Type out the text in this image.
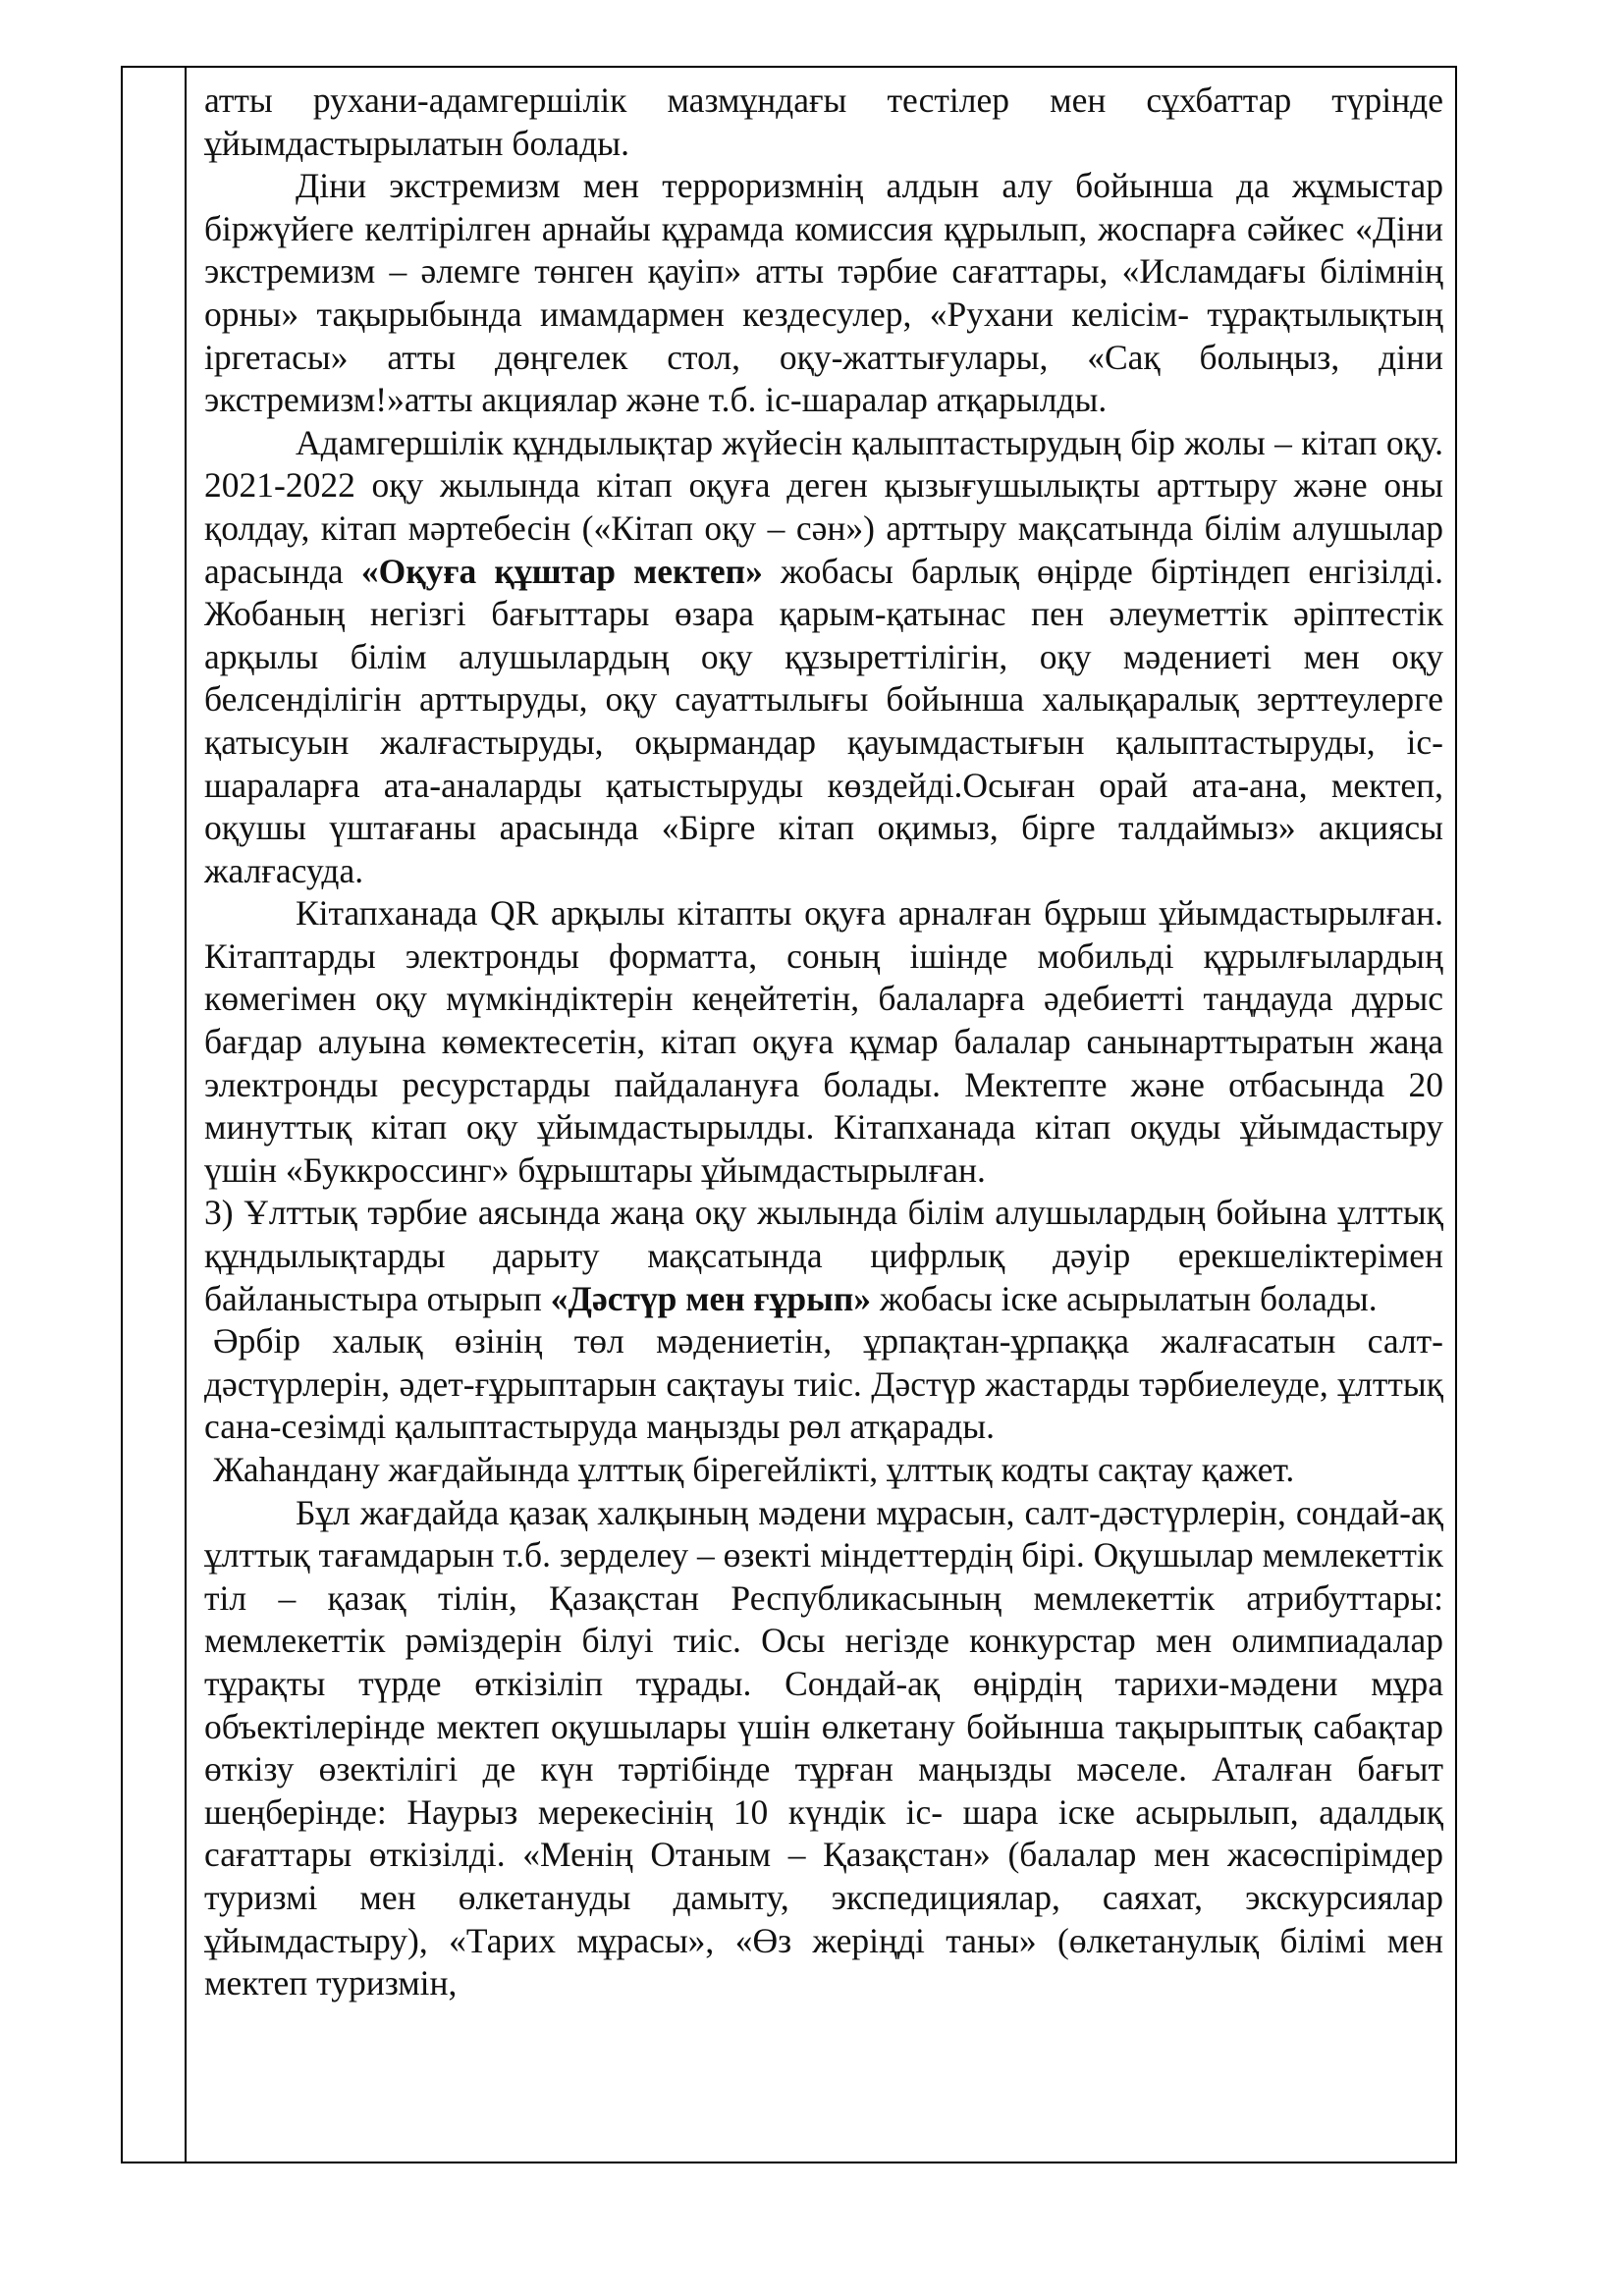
атты рухани-адамгершілік мазмұндағы тестілер мен сұхбаттар түрінде ұйымдастырылатын болады.

Діни экстремизм мен терроризмнің алдын алу бойынша да жұмыстар біржүйеге келтірілген арнайы құрамда комиссия құрылып, жоспарға сәйкес «Діни экстремизм – әлемге төнген қауіп» атты тәрбие сағаттары, «Исламдағы білімнің орны» тақырыбында имамдармен кездесулер, «Рухани келісім- тұрақтылықтың іргетасы» атты дөңгелек стол, оқу-жаттығулары, «Сақ болыңыз, діни экстремизм!»атты акциялар және т.б. іс-шаралар атқарылды.

Адамгершілік құндылықтар жүйесін қалыптастырудың бір жолы – кітап оқу. 2021-2022 оқу жылында кітап оқуға деген қызығушылықты арттыру және оны қолдау, кітап мәртебесін («Кітап оқу – сән») арттыру мақсатында білім алушылар арасында «Оқуға құштар мектеп» жобасы барлық өңірде біртіндеп енгізілді. Жобаның негізгі бағыттары өзара қарым-қатынас пен әлеуметтік әріптестік арқылы білім алушылардың оқу құзыреттілігін, оқу мәдениеті мен оқу белсенділігін арттыруды, оқу сауаттылығы бойынша халықаралық зерттеулерге қатысуын жалғастыруды, оқырмандар қауымдастығын қалыптастыруды, іс-шараларға ата-аналарды қатыстыруды көздейді.Осыған орай ата-ана, мектеп, оқушы үштағаны арасында «Бірге кітап оқимыз, бірге талдаймыз» акциясы жалғасуда.

Кітапханада QR арқылы кітапты оқуға арналған бұрыш ұйымдастырылған. Кітаптарды электронды форматта, соның ішінде мобильді құрылғылардың көмегімен оқу мүмкіндіктерін кеңейтетін, балаларға әдебиетті таңдауда дұрыс бағдар алуына көмектесетін, кітап оқуға құмар балалар санынарттыратын жаңа электронды ресурстарды пайдалануға болады. Мектепте және отбасында 20 минуттық кітап оқу ұйымдастырылды. Кітапханада кітап оқуды ұйымдастыру үшін «Буккроссинг» бұрыштары ұйымдастырылған.

3) Ұлттық тәрбие аясында жаңа оқу жылында білім алушылардың бойына ұлттық құндылықтарды дарыту мақсатында цифрлық дәуір ерекшеліктерімен байланыстыра отырып «Дәстүр мен ғұрып» жобасы іске асырылатын болады.

Әрбір халық өзінің төл мәдениетін, ұрпақтан-ұрпаққа жалғасатын салт-дәстүрлерін, әдет-ғұрыптарын сақтауы тиіс. Дәстүр жастарды тәрбиелеуде, ұлттық сана-сезімді қалыптастыруда маңызды рөл атқарады.

Жаһандану жағдайында ұлттық бірегейлікті, ұлттық кодты сақтау қажет.

Бұл жағдайда қазақ халқының мәдени мұрасын, салт-дәстүрлерін, сондай-ақ ұлттық тағамдарын т.б. зерделеу – өзекті міндеттердің бірі. Оқушылар мемлекеттік тіл – қазақ тілін, Қазақстан Республикасының мемлекеттік атрибуттары: мемлекеттік рәміздерін білуі тиіс. Осы негізде конкурстар мен олимпиадалар тұрақты түрде өткізіліп тұрады. Сондай-ақ өңірдің тарихи-мәдени мұра объектілерінде мектеп оқушылары үшін өлкетану бойынша тақырыптық сабақтар өткізу өзектілігі де күн тәртібінде тұрған маңызды мәселе. Аталған бағыт шеңберінде: Наурыз мерекесінің 10 күндік іс- шара іске асырылып, адалдық сағаттары өткізілді. «Менің Отаным – Қазақстан» (балалар мен жасөспірімдер туризмі мен өлкетануды дамыту, экспедициялар, саяхат, экскурсиялар ұйымдастыру), «Тарих мұрасы», «Өз жеріңді таны» (өлкетанулық білімі мен мектеп туризмін,
